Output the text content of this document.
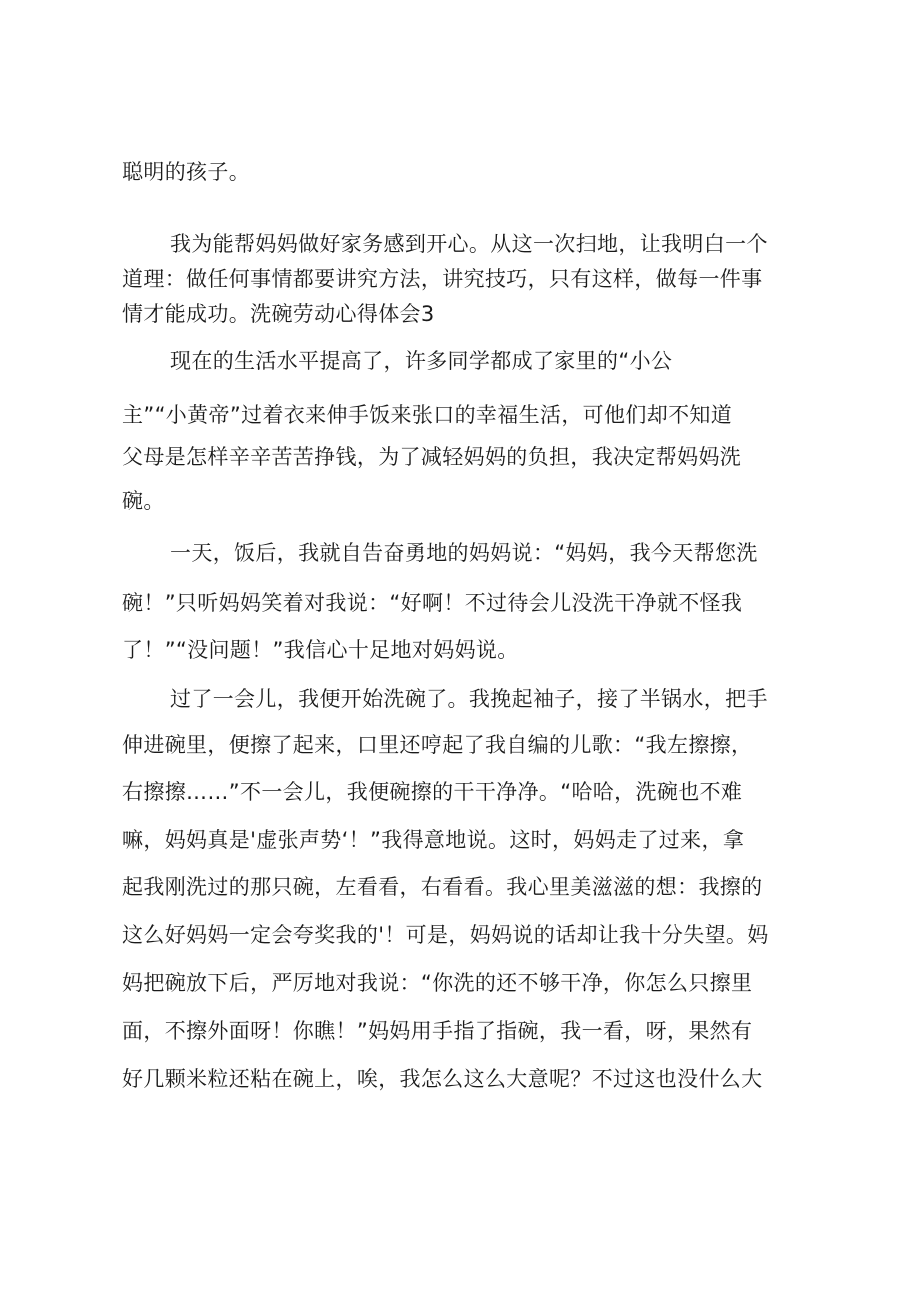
聪明的孩子。
我为能帮妈妈做好家务感到开心。从这一次扫地，让我明白一个
道理：做任何事情都要讲究方法，讲究技巧，只有这样，做每一件事
情才能成功。洗碗劳动心得体会3
现在的生活水平提高了，许多同学都成了家里的“小公
主”“小黄帝”过着衣来伸手饭来张口的幸福生活，可他们却不知道
父母是怎样辛辛苦苦挣钱，为了减轻妈妈的负担，我决定帮妈妈洗
碗。
一天，饭后，我就自告奋勇地的妈妈说：“妈妈，我今天帮您洗
碗！”只听妈妈笑着对我说：“好啊！不过待会儿没洗干净就不怪我
了！”“没问题！”我信心十足地对妈妈说。
过了一会儿，我便开始洗碗了。我挽起袖子，接了半锅水，把手
伸进碗里，便擦了起来，口里还哼起了我自编的儿歌：“我左擦擦，
右擦擦……”不一会儿，我便碗擦的干干净净。“哈哈，洗碗也不难
嘛，妈妈真是'虚张声势‘！”我得意地说。这时，妈妈走了过来，拿
起我刚洗过的那只碗，左看看，右看看。我心里美滋滋的想：我擦的
这么好妈妈一定会夸奖我的'！可是，妈妈说的话却让我十分失望。妈
妈把碗放下后，严厉地对我说：“你洗的还不够干净，你怎么只擦里
面，不擦外面呀！你瞧！”妈妈用手指了指碗，我一看，呀，果然有
好几颗米粒还粘在碗上，唉，我怎么这么大意呢？不过这也没什么大
